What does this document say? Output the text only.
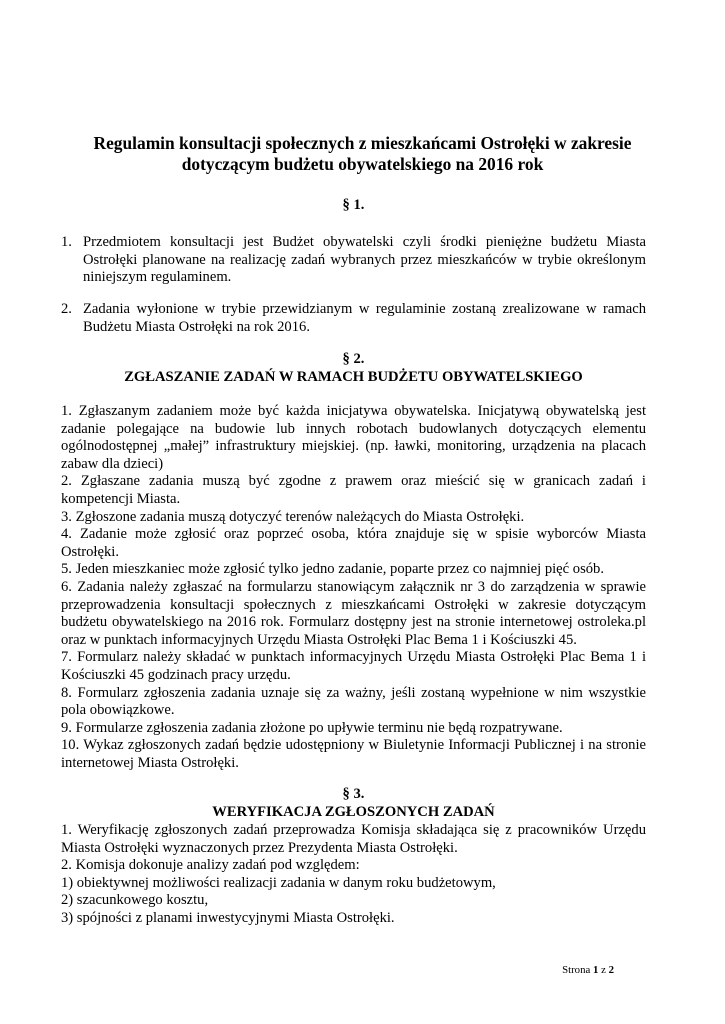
Regulamin konsultacji społecznych z mieszkańcami Ostrołęki w zakresie
dotyczącym budżetu obywatelskiego na 2016 rok
§ 1.
1. Przedmiotem konsultacji jest Budżet obywatelski czyli środki pieniężne budżetu Miasta Ostrołęki planowane na realizację zadań wybranych przez mieszkańców w trybie określonym niniejszym regulaminem.
2. Zadania wyłonione w trybie przewidzianym w regulaminie zostaną zrealizowane w ramach Budżetu Miasta Ostrołęki na rok 2016.
§ 2.
ZGŁASZANIE ZADAŃ W RAMACH BUDŻETU OBYWATELSKIEGO
1. Zgłaszanym zadaniem może być każda inicjatywa obywatelska. Inicjatywą obywatelską jest zadanie polegające na budowie lub innych robotach budowlanych dotyczących elementu ogólnodostępnej „małej” infrastruktury miejskiej. (np. ławki, monitoring, urządzenia na placach zabaw dla dzieci)
2. Zgłaszane zadania muszą być zgodne z prawem oraz mieścić się w granicach zadań i kompetencji Miasta.
3. Zgłoszone zadania muszą dotyczyć terenów należących do Miasta Ostrołęki.
4. Zadanie może zgłosić oraz poprzeć osoba, która znajduje się w spisie wyborców Miasta Ostrołęki.
5. Jeden mieszkaniec może zgłosić tylko jedno zadanie, poparte przez co najmniej pięć osób.
6. Zadania należy zgłaszać na formularzu stanowiącym załącznik nr 3 do zarządzenia w sprawie przeprowadzenia konsultacji społecznych z mieszkańcami Ostrołęki w zakresie dotyczącym budżetu obywatelskiego na 2016 rok. Formularz dostępny jest na stronie internetowej ostroleka.pl oraz w punktach informacyjnych Urzędu Miasta Ostrołęki Plac Bema 1 i Kościuszki 45.
7. Formularz należy składać w punktach informacyjnych Urzędu Miasta Ostrołęki Plac Bema 1 i Kościuszki 45 godzinach pracy urzędu.
8. Formularz zgłoszenia zadania uznaje się za ważny, jeśli zostaną wypełnione w nim wszystkie pola obowiązkowe.
9. Formularze zgłoszenia zadania złożone po upływie terminu nie będą rozpatrywane.
10. Wykaz zgłoszonych zadań będzie udostępniony w Biuletynie Informacji Publicznej i na stronie internetowej Miasta Ostrołęki.
§ 3.
WERYFIKACJA ZGŁOSZONYCH ZADAŃ
1. Weryfikację zgłoszonych zadań przeprowadza Komisja składająca się z pracowników Urzędu Miasta Ostrołęki wyznaczonych przez Prezydenta Miasta Ostrołęki.
2. Komisja dokonuje analizy zadań pod względem:
1) obiektywnej możliwości realizacji zadania w danym roku budżetowym,
2) szacunkowego kosztu,
3) spójności z planami inwestycyjnymi Miasta Ostrołęki.
Strona 1 z 2
